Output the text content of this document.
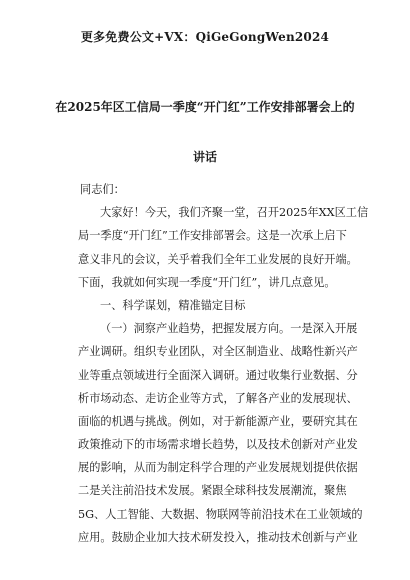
更多免费公文+VX：QiGeGongWen2024
在2025年区工信局一季度“开门红”工作安排部署会上的
讲话
同志们：
大家好！今天，我们齐聚一堂，召开2025年XX区工信
局一季度“开门红”工作安排部署会。这是一次承上启下
意义非凡的会议，关乎着我们全年工业发展的良好开端。
下面，我就如何实现一季度“开门红”，讲几点意见。
一、科学谋划，精准锚定目标
（一）洞察产业趋势，把握发展方向。一是深入开展
产业调研。组织专业团队，对全区制造业、战略性新兴产
业等重点领域进行全面深入调研。通过收集行业数据、分
析市场动态、走访企业等方式，了解各产业的发展现状、
面临的机遇与挑战。例如，对于新能源产业，要研究其在
政策推动下的市场需求增长趋势，以及技术创新对产业发
展的影响，从而为制定科学合理的产业发展规划提供依据
二是关注前沿技术发展。紧跟全球科技发展潮流，聚焦
5G、人工智能、大数据、物联网等前沿技术在工业领域的
应用。鼓励企业加大技术研发投入，推动技术创新与产业
